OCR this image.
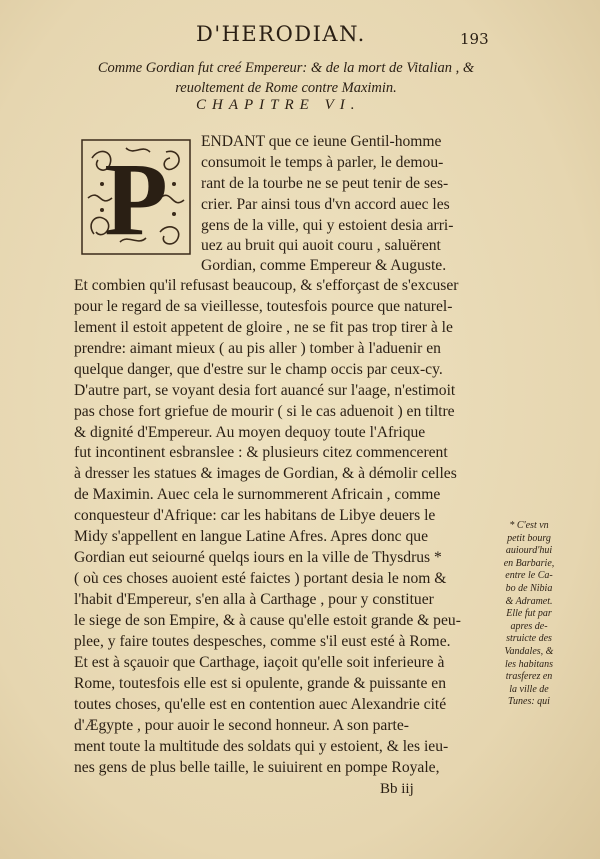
D'HERODIAN.	193
Comme Gordian fut creé Empereur: & de la mort de Vitalian , &
reuoltement de Rome contre Maximin.
CHAPITRE VI.
P
ENDANT que ce ieune Gentil-homme
consumoit le temps à parler, le demou-
rant de la tourbe ne se peut tenir de ses-
crier. Par ainsi tous d'vn accord auec les
gens de la ville, qui y estoient desia arri-
uez au bruit qui auoit couru , saluërent
Gordian, comme Empereur & Auguste.
Et combien qu'il refusast beaucoup, & s'efforçast de s'excuser
pour le regard de sa vieillesse, toutesfois pource que naturel-
lement il estoit appetent de gloire , ne se fit pas trop tirer à le
prendre: aimant mieux ( au pis aller ) tomber à l'aduenir en
quelque danger, que d'estre sur le champ occis par ceux-cy.
D'autre part, se voyant desia fort auancé sur l'aage, n'estimoit
pas chose fort griefue de mourir ( si le cas aduenoit ) en tiltre
& dignité d'Empereur. Au moyen dequoy toute l'Afrique
fut incontinent esbranslee : & plusieurs citez commencerent
à dresser les statues & images de Gordian, & à démolir celles
de Maximin. Auec cela le surnommerent Africain , comme
conquesteur d'Afrique: car les habitans de Libye deuers le
Midy s'appellent en langue Latine Afres. Apres donc que
Gordian eut seiourné quelqs iours en la ville de Thysdrus *
( où ces choses auoient esté faictes ) portant desia le nom &
l'habit d'Empereur, s'en alla à Carthage , pour y constituer
le siege de son Empire, & à cause qu'elle estoit grande & peu-
plee, y faire toutes despesches, comme s'il eust esté à Rome.
Et est à sçauoir que Carthage, iaçoit qu'elle soit inferieure à
Rome, toutesfois elle est si opulente, grande & puissante en
toutes choses, qu'elle est en contention auec Alexandrie cité
d'Ægypte , pour auoir le second honneur. A son parte-
ment toute la multitude des soldats qui y estoient, & les ieu-
nes gens de plus belle taille, le suiuirent en pompe Royale,
* C'est vn
petit bourg
auiourd'hui
en Barbarie,
entre le Ca-
bo de Nibia
& Adramet.
Elle fut par
apres de-
struicte des
Vandales, &
les habitans
trasferez en
la ville de
Tunes: qui
Bb iij
